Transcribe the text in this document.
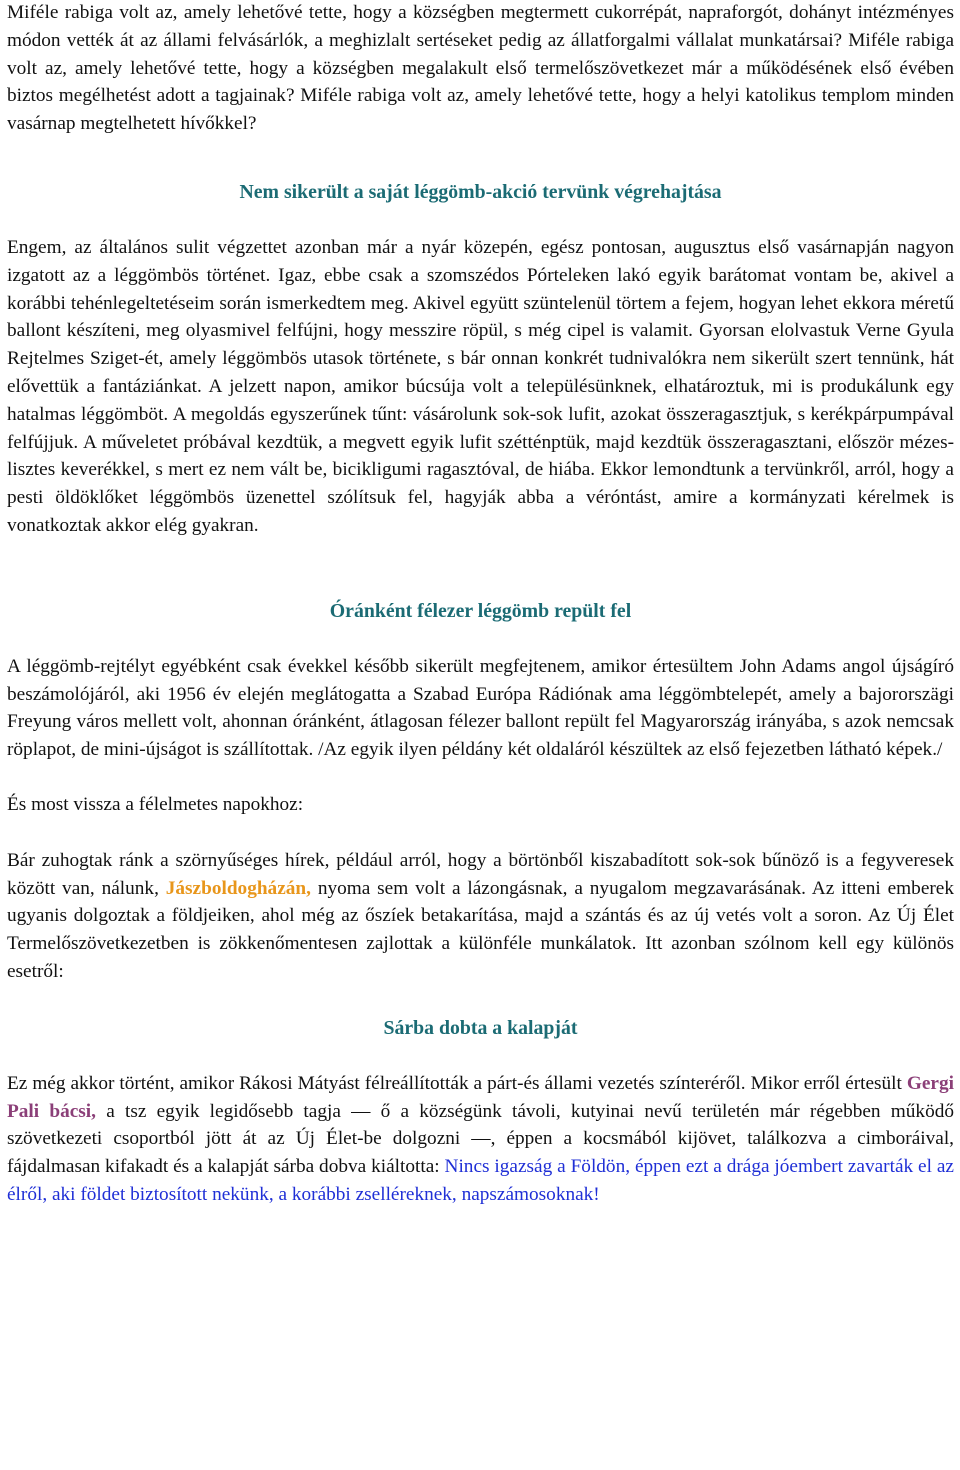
Miféle rabiga volt az, amely lehetővé tette, hogy a községben megtermett cukorrépát, napraforgót, dohányt intézményes módon vették át az állami felvásárlók, a meghizlalt sertéseket pedig az állatforgalmi vállalat munkatársai? Miféle rabiga volt az, amely lehetővé tette, hogy a községben megalakult első termelőszövetkezet már a működésének első évében biztos megélhetést adott a tagjainak? Miféle rabiga volt az, amely lehetővé tette, hogy a helyi katolikus templom minden vasárnap megtelhetett hívőkkel?

Nem sikerült a saját léggömb-akció tervünk végrehajtása

Engem, az általános sulit végzettet azonban már a nyár közepén, egész pontosan, augusztus első vasárnapján nagyon izgatott az a léggömbös történet. Igaz, ebbe csak a szomszédos Pórteleken lakó egyik barátomat vontam be, akivel a korábbi tehénlegeltetéseim során ismerkedtem meg. Akivel együtt szüntelenül törtem a fejem, hogyan lehet ekkora méretű ballont készíteni, meg olyasmivel felfújni, hogy messzire röpül, s még cipel is valamit. Gyorsan elolvastuk Verne Gyula Rejtelmes Sziget-ét, amely léggömbös utasok története, s bár onnan konkrét tudnivalókra nem sikerült szert tennünk, hát elővettük a fantáziánkat. A jelzett napon, amikor búcsúja volt a településünknek, elhatároztuk, mi is produkálunk egy hatalmas léggömböt. A megoldás egyszerűnek tűnt: vásárolunk sok-sok lufit, azokat összeragasztjuk, s kerékpárpumpával felfújjuk. A műveletet próbával kezdtük, a megvett egyik lufit szétténptük, majd kezdtük összeragasztani, először mézes-lisztes keverékkel, s mert ez nem vált be, bicikligumi ragasztóval, de hiába. Ekkor lemondtunk a tervünkről, arról, hogy a pesti öldöklőket léggömbös üzenettel szólítsuk fel, hagyják abba a véróntást, amire a kormányzati kérelmek is vonatkoztak akkor elég gyakran.

Óránként félezer léggömb repült fel

A léggömb-rejtélyt egyébként csak évekkel később sikerült megfejtenem, amikor értesültem John Adams angol újságíró beszámolójáról, aki 1956 év elején meglátogatta a Szabad Európa Rádiónak ama léggömbtelepét, amely a bajororszägi Freyung város mellett volt, ahonnan óránként, átlagosan félezer ballont repült fel Magyarország irányába, s azok nemcsak röplapot, de mini-újságot is szállítottak. /Az egyik ilyen példány két oldaláról készültek az első fejezetben látható képek./

És most vissza a félelmetes napokhoz:

Bár zuhogtak ránk a szörnyűséges hírek, például arról, hogy a börtönből kiszabadított sok-sok bűnöző is a fegyveresek között van, nálunk, Jászboldogházán, nyoma sem volt a lázongásnak, a nyugalom megzavarásának. Az itteni emberek ugyanis dolgoztak a földjeiken, ahol még az őszíek betakarítása, majd a szántás és az új vetés volt a soron. Az Új Élet Termelőszövetkezetben is zökkenőmentesen zajlottak a különféle munkálatok. Itt azonban szólnom kell egy különös esetről:

Sárba dobta a kalapját

Ez még akkor történt, amikor Rákosi Mátyást félreállították a párt-és állami vezetés színteréről. Mikor erről értesült Gergi Pali bácsi, a tsz egyik legidősebb tagja ― ő a községünk távoli, kutyinai nevű területén már régebben működő szövetkezeti csoportból jött át az Új Élet-be dolgozni ―, éppen a kocsmából kijövet, találkozva a cimboráival, fájdalmasan kifakadt és a kalapját sárba dobva kiáltotta: Nincs igazság a Földön, éppen ezt a drága jóembert zavarták el az élről, aki földet biztosított nekünk, a korábbi zselléreknek, napszámosoknak!
